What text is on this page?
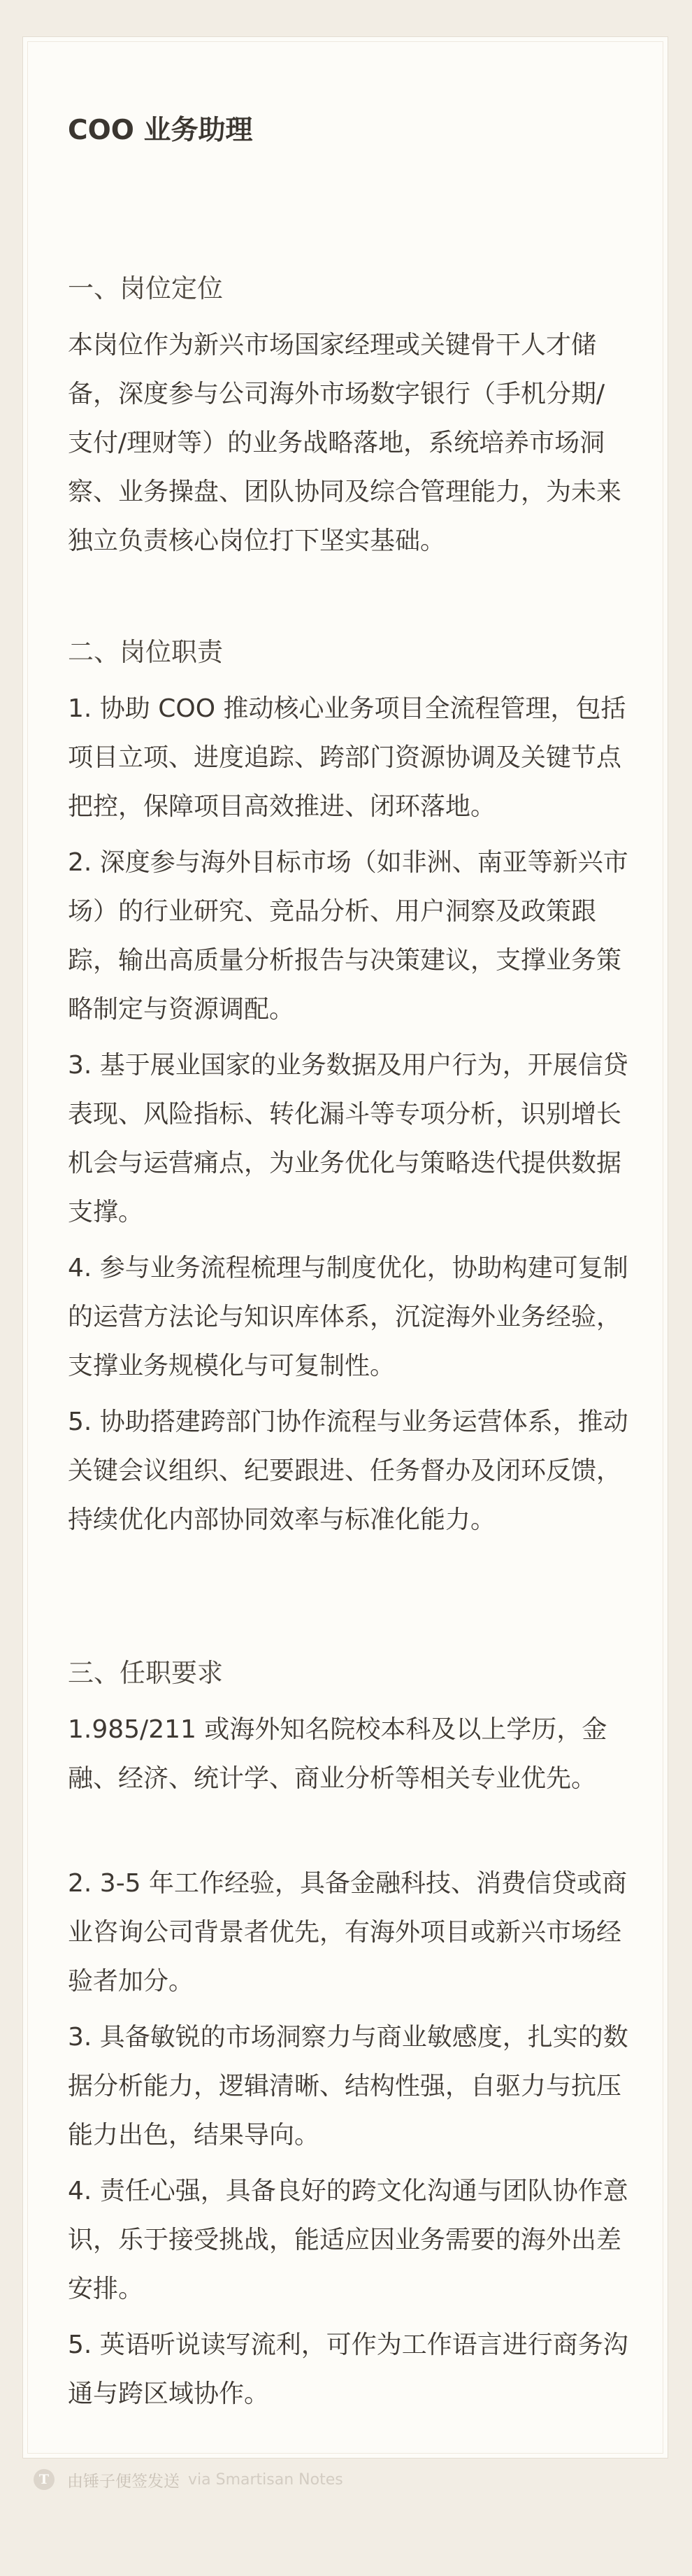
COO 业务助理
一、岗位定位
本岗位作为新兴市场国家经理或关键骨干人才储备，深度参与公司海外市场数字银行（手机分期/支付/理财等）的业务战略落地，系统培养市场洞察、业务操盘、团队协同及综合管理能力，为未来独立负责核心岗位打下坚实基础。
二、岗位职责
1. 协助 COO 推动核心业务项目全流程管理，包括项目立项、进度追踪、跨部门资源协调及关键节点把控，保障项目高效推进、闭环落地。
2. 深度参与海外目标市场（如非洲、南亚等新兴市场）的行业研究、竞品分析、用户洞察及政策跟踪，输出高质量分析报告与决策建议，支撑业务策略制定与资源调配。
3. 基于展业国家的业务数据及用户行为，开展信贷表现、风险指标、转化漏斗等专项分析，识别增长机会与运营痛点，为业务优化与策略迭代提供数据支撑。
4. 参与业务流程梳理与制度优化，协助构建可复制的运营方法论与知识库体系，沉淀海外业务经验，支撑业务规模化与可复制性。
5. 协助搭建跨部门协作流程与业务运营体系，推动关键会议组织、纪要跟进、任务督办及闭环反馈，持续优化内部协同效率与标准化能力。
三、任职要求
1.985/211 或海外知名院校本科及以上学历，金融、经济、统计学、商业分析等相关专业优先。
2. 3-5 年工作经验，具备金融科技、消费信贷或商业咨询公司背景者优先，有海外项目或新兴市场经验者加分。
3. 具备敏锐的市场洞察力与商业敏感度，扎实的数据分析能力，逻辑清晰、结构性强，自驱力与抗压能力出色，结果导向。
4. 责任心强，具备良好的跨文化沟通与团队协作意识，乐于接受挑战，能适应因业务需要的海外出差安排。
5. 英语听说读写流利，可作为工作语言进行商务沟通与跨区域协作。
T	由锤子便签发送 via Smartisan Notes
